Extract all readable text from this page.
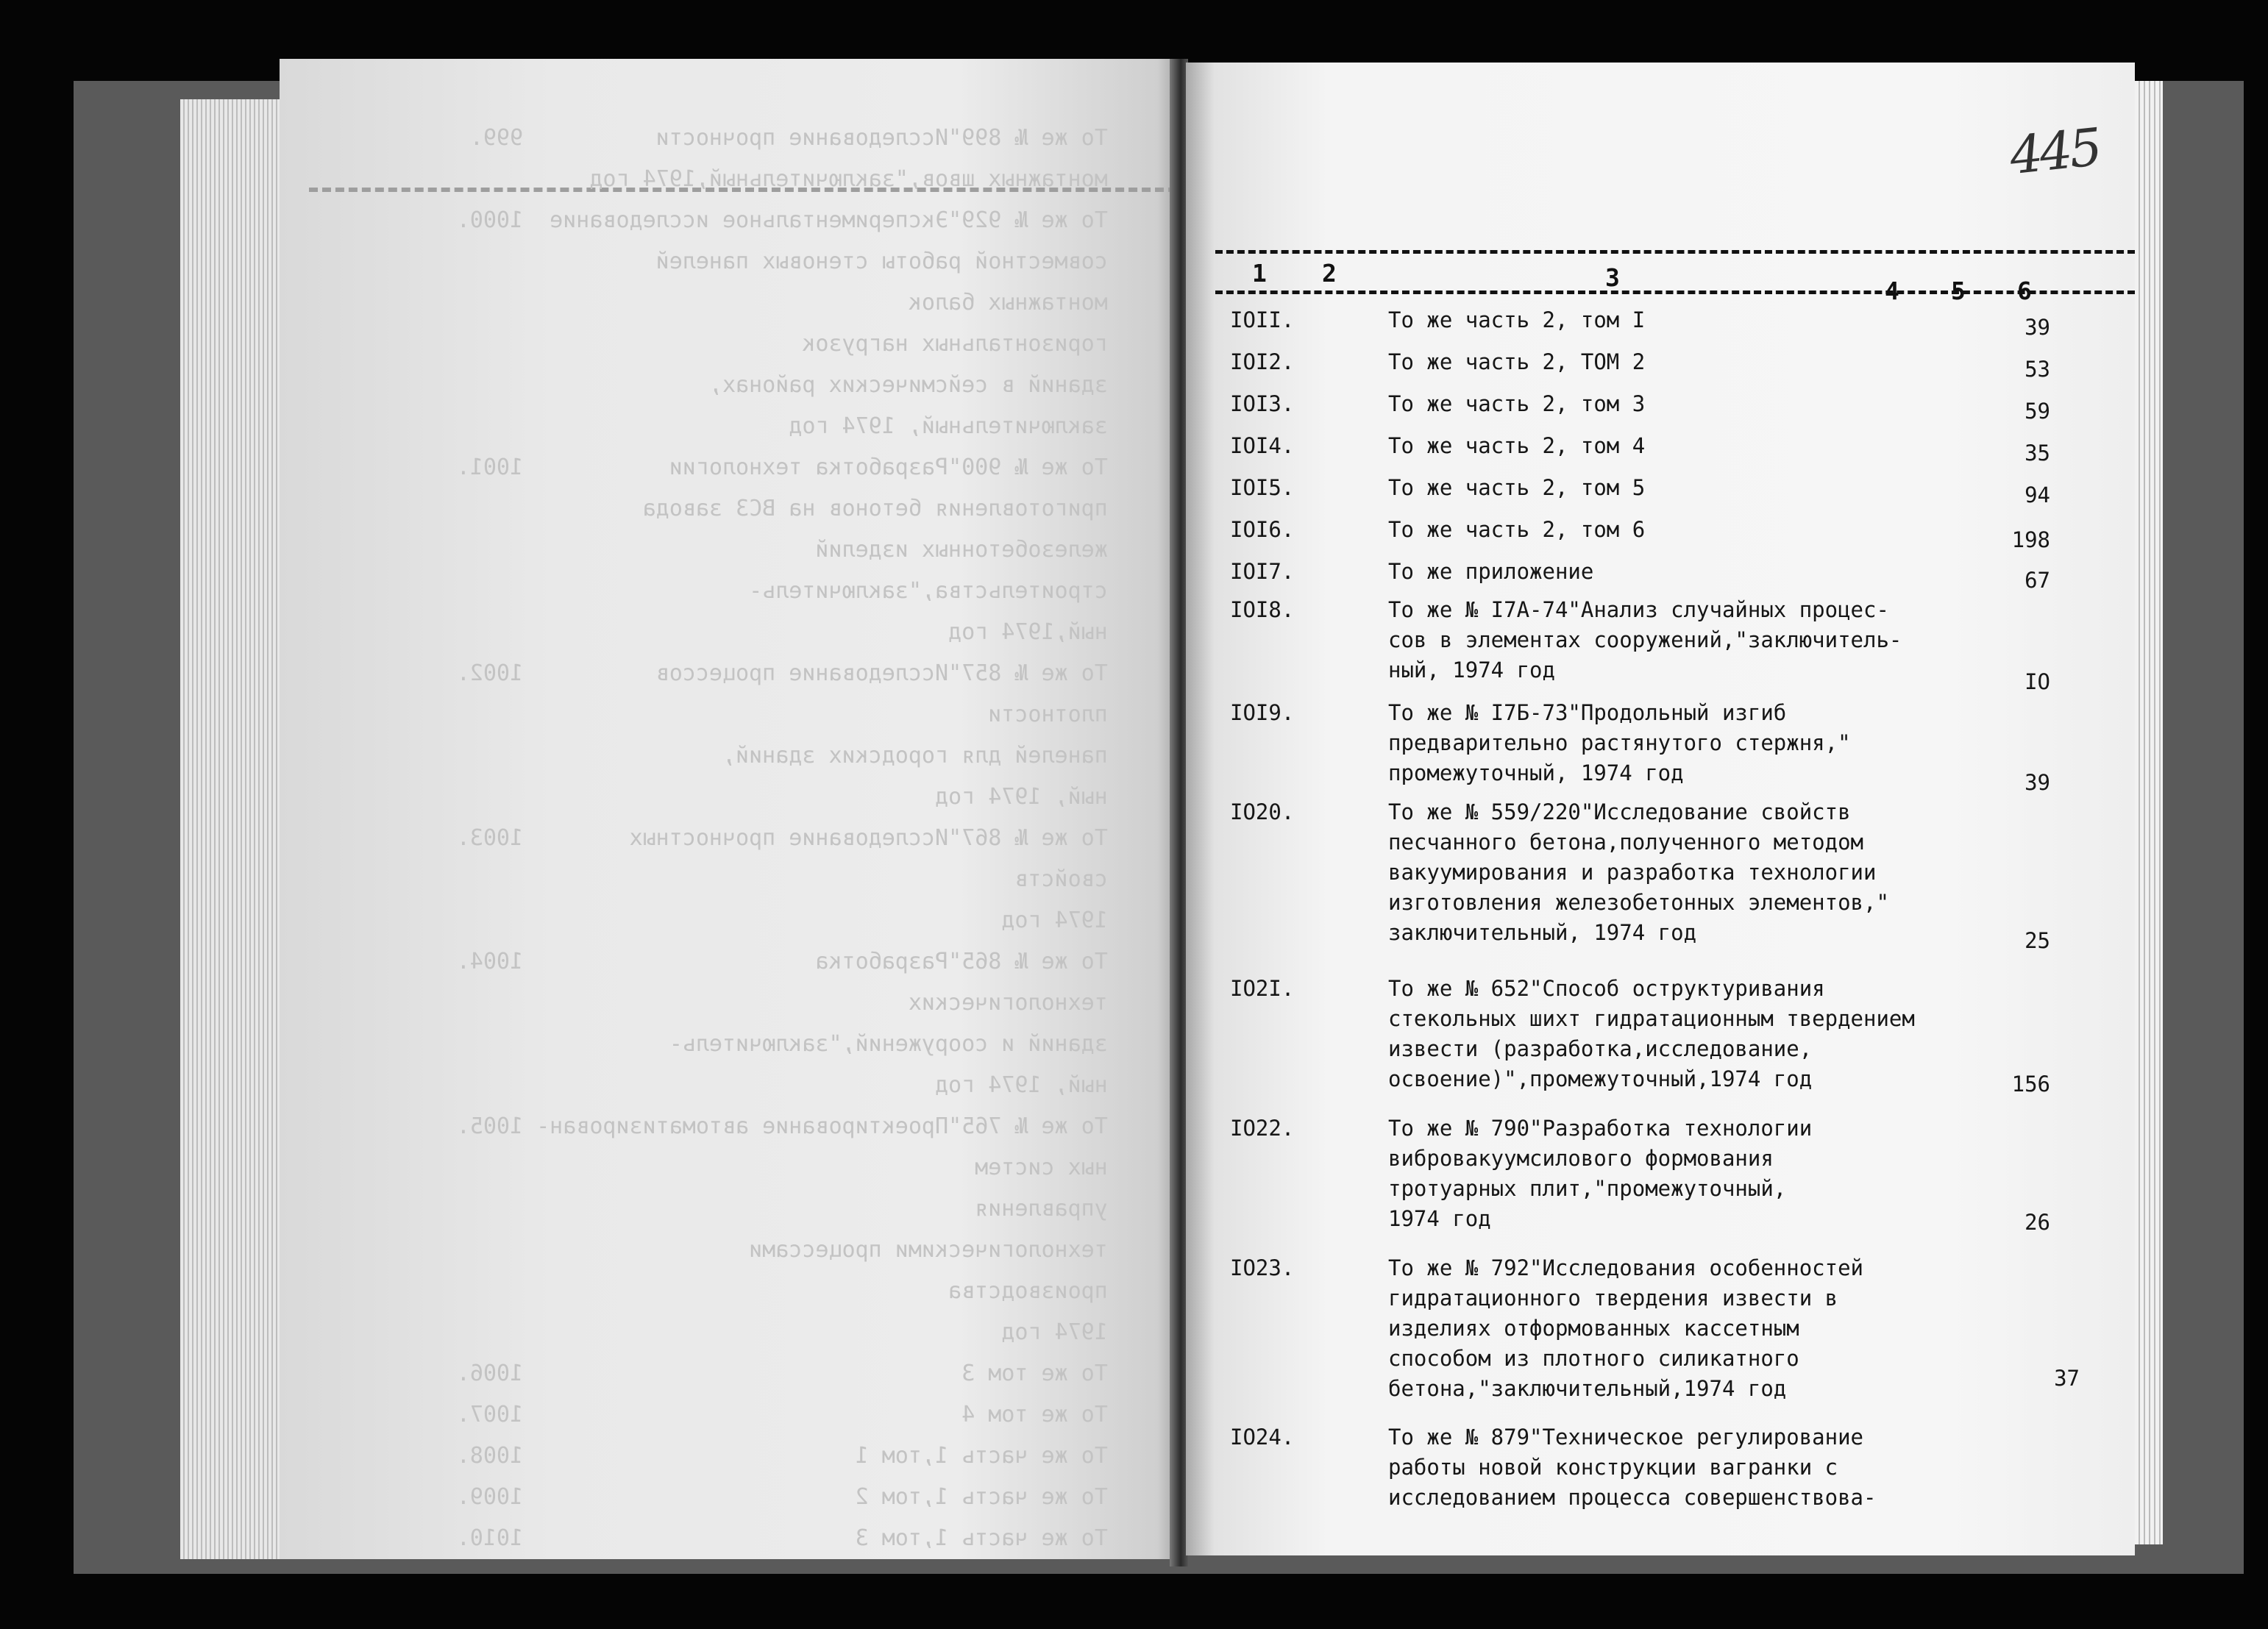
То же № 899"Исследование прочности          999.
монтажных швов,"заключительный,1974 год
То же № 929"Экспериментальное исследование  1000.
совместной работы стеновых панелей
монтажных балок
горизонтальных нагрузок
зданий в сейсмических районах,
заключительный, 1974 год
То же № 900"Разработка технологии           1001.
приготовления бетонов на ВСЗ завода
железобетонных изделий
строительства,"заключитель-
ный,1974 год
То же № 857"Исследование процессов          1002.
плотности
панелей для городских зданий,
ный, 1974 год
То же № 867"Исследование прочностных        1003.
свойств
1974 год
То же № 865"Разработка                      1004.
технологических
зданий и сооружений,"заключитель-
ный, 1974 год
То же № 765"Проектирование автоматизирован- 1005.
ных систем
управления
технологическими процессами
производства
1974 год
То же том 3                                 1006.
То же том 4                                 1007.
То же часть 1,том 1                         1008.
То же часть 1,том 2                         1009.
То же часть 1,том 3                         1010.
445
1 2	3	4 5 6
IOII.	То же часть 2, том I	39
IOI2.	То же часть 2, ТОМ 2	53
IOI3.	То же часть 2, том 3	59
IOI4.	То же часть 2, том 4	35
IOI5.	То же часть 2, том 5	94
IOI6.	То же часть 2, том 6	198
IOI7.	То же приложение	67
IOI8.	То же № I7А-74"Анализ случайных процес-
сов в элементах сооружений,"заключитель-
ный, 1974 год	IO
IOI9.	То же № I7Б-73"Продольный изгиб
предварительно растянутого стержня,"
промежуточный, 1974 год	39
IO20.	То же № 559/220"Исследование свойств
песчанного бетона,полученного методом
вакуумирования и разработка технологии
изготовления железобетонных элементов,"
заключительный, 1974 год	25
IO2I.	То же № 652"Способ оструктуривания
стекольных шихт гидратационным твердением
извести (разработка,исследование,
освоение)",промежуточный,1974 год	156
IO22.	То же № 790"Разработка технологии
вибровакуумсилового формования
тротуарных плит,"промежуточный,
1974 год	26
IO23.	То же № 792"Исследования особенностей
гидратационного твердения извести в
изделиях отформованных кассетным
способом из плотного силикатного
бетона,"заключительный,1974 год	37
IO24.	То же № 879"Техническое регулирование
работы новой конструкции вагранки с
исследованием процесса совершенствова-
